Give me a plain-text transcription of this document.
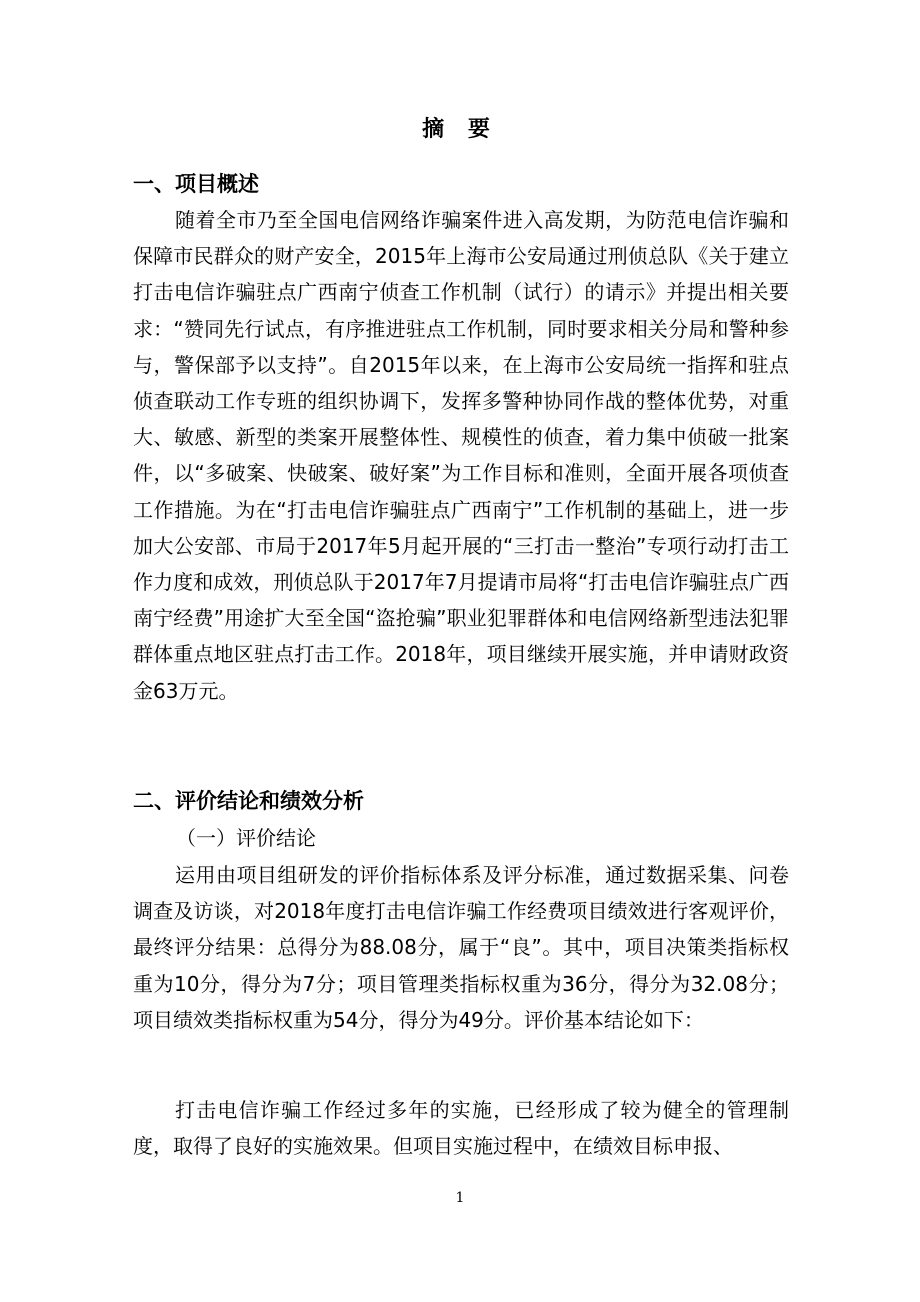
摘 要
一、项目概述

随着全市乃至全国电信网络诈骗案件进入高发期，为防范电信诈骗和保障市民群众的财产安全，2015年上海市公安局通过刑侦总队《关于建立打击电信诈骗驻点广西南宁侦查工作机制（试行）的请示》并提出相关要求：“赞同先行试点，有序推进驻点工作机制，同时要求相关分局和警种参与，警保部予以支持”。自2015年以来，在上海市公安局统一指挥和驻点侦查联动工作专班的组织协调下，发挥多警种协同作战的整体优势，对重大、敏感、新型的类案开展整体性、规模性的侦查，着力集中侦破一批案件，以“多破案、快破案、破好案”为工作目标和准则，全面开展各项侦查工作措施。为在“打击电信诈骗驻点广西南宁”工作机制的基础上，进一步加大公安部、市局于2017年5月起开展的“三打击一整治”专项行动打击工作力度和成效，刑侦总队于2017年7月提请市局将“打击电信诈骗驻点广西南宁经费”用途扩大至全国“盗抢骗”职业犯罪群体和电信网络新型违法犯罪群体重点地区驻点打击工作。2018年，项目继续开展实施，并申请财政资金63万元。

二、评价结论和绩效分析
（一）评价结论

运用由项目组研发的评价指标体系及评分标准，通过数据采集、问卷调查及访谈，对2018年度打击电信诈骗工作经费项目绩效进行客观评价，最终评分结果：总得分为88.08分，属于“良”。其中，项目决策类指标权重为10分，得分为7分；项目管理类指标权重为36分，得分为32.08分；项目绩效类指标权重为54分，得分为49分。评价基本结论如下：

打击电信诈骗工作经过多年的实施，已经形成了较为健全的管理制度，取得了良好的实施效果。但项目实施过程中，在绩效目标申报、

1
